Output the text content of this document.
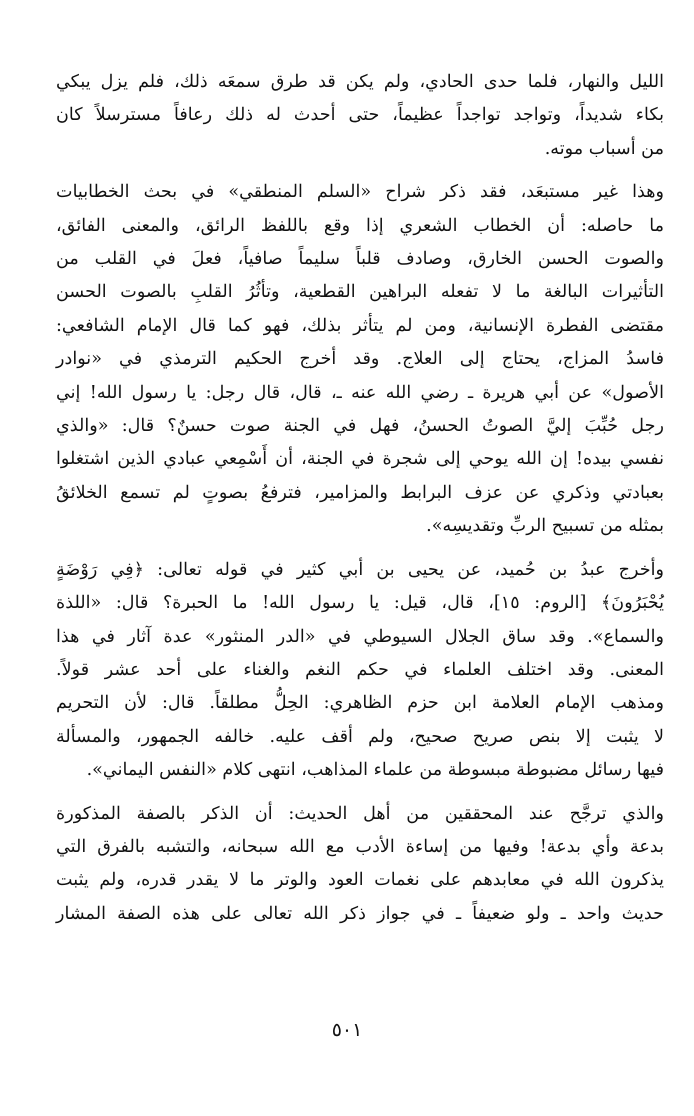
الليل والنهار، فلما حدى الحادي، ولم يكن قد طرق سمعَه ذلك، فلم يزل يبكي
بكاء شديداً، وتواجد تواجداً عظيماً، حتى أحدث له ذلك رعافاً مسترسلاً كان
من أسباب موته.

وهذا غير مستبعَد، فقد ذكر شراح «السلم المنطقي» في بحث الخطابيات
ما حاصله: أن الخطاب الشعري إذا وقع باللفظ الرائق، والمعنى الفائق،
والصوت الحسن الخارق، وصادف قلباً سليماً صافياً، فعلَ في القلب من
التأثيرات البالغة ما لا تفعله البراهين القطعية، وتأثُرُ القلبِ بالصوت الحسن
مقتضى الفطرة الإنسانية، ومن لم يتأثر بذلك، فهو كما قال الإمام الشافعي:
فاسدُ المزاج، يحتاج إلى العلاج. وقد أخرج الحكيم الترمذي في «نوادر
الأصول» عن أبي هريرة ـ رضي الله عنه ـ، قال، قال رجل: يا رسول الله! إني
رجل حُبِّبَ إليَّ الصوتُ الحسنُ، فهل في الجنة صوت حسنٌ؟ قال: «والذي
نفسي بيده! إن الله يوحي إلى شجرة في الجنة، أن أَسْمِعي عبادي الذين اشتغلوا
بعبادتي وذكري عن عزف البرابط والمزامير، فترفعُ بصوتٍ لم تسمع الخلائقُ
بمثله من تسبيح الربِّ وتقديسِه».

وأخرج عبدُ بن حُميد، عن يحيى بن أبي كثير في قوله تعالى: ﴿فِي رَوْضَةٍ
يُحْبَرُونَ﴾ [الروم: ١٥]، قال، قيل: يا رسول الله! ما الحبرة؟ قال: «اللذة
والسماع». وقد ساق الجلال السيوطي في «الدر المنثور» عدة آثار في هذا
المعنى. وقد اختلف العلماء في حكم النغم والغناء على أحد عشر قولاً.
ومذهب الإمام العلامة ابن حزم الظاهري: الحِلُّ مطلقاً. قال: لأن التحريم
لا يثبت إلا بنص صريح صحيح، ولم أقف عليه. خالفه الجمهور، والمسألة
فيها رسائل مضبوطة مبسوطة من علماء المذاهب، انتهى كلام «النفس اليماني».

والذي ترجَّح عند المحققين من أهل الحديث: أن الذكر بالصفة المذكورة
بدعة وأي بدعة! وفيها من إساءة الأدب مع الله سبحانه، والتشبه بالفرق التي
يذكرون الله في معابدهم على نغمات العود والوتر ما لا يقدر قدره، ولم يثبت
حديث واحد ـ ولو ضعيفاً ـ في جواز ذكر الله تعالى على هذه الصفة المشار

٥٠١
